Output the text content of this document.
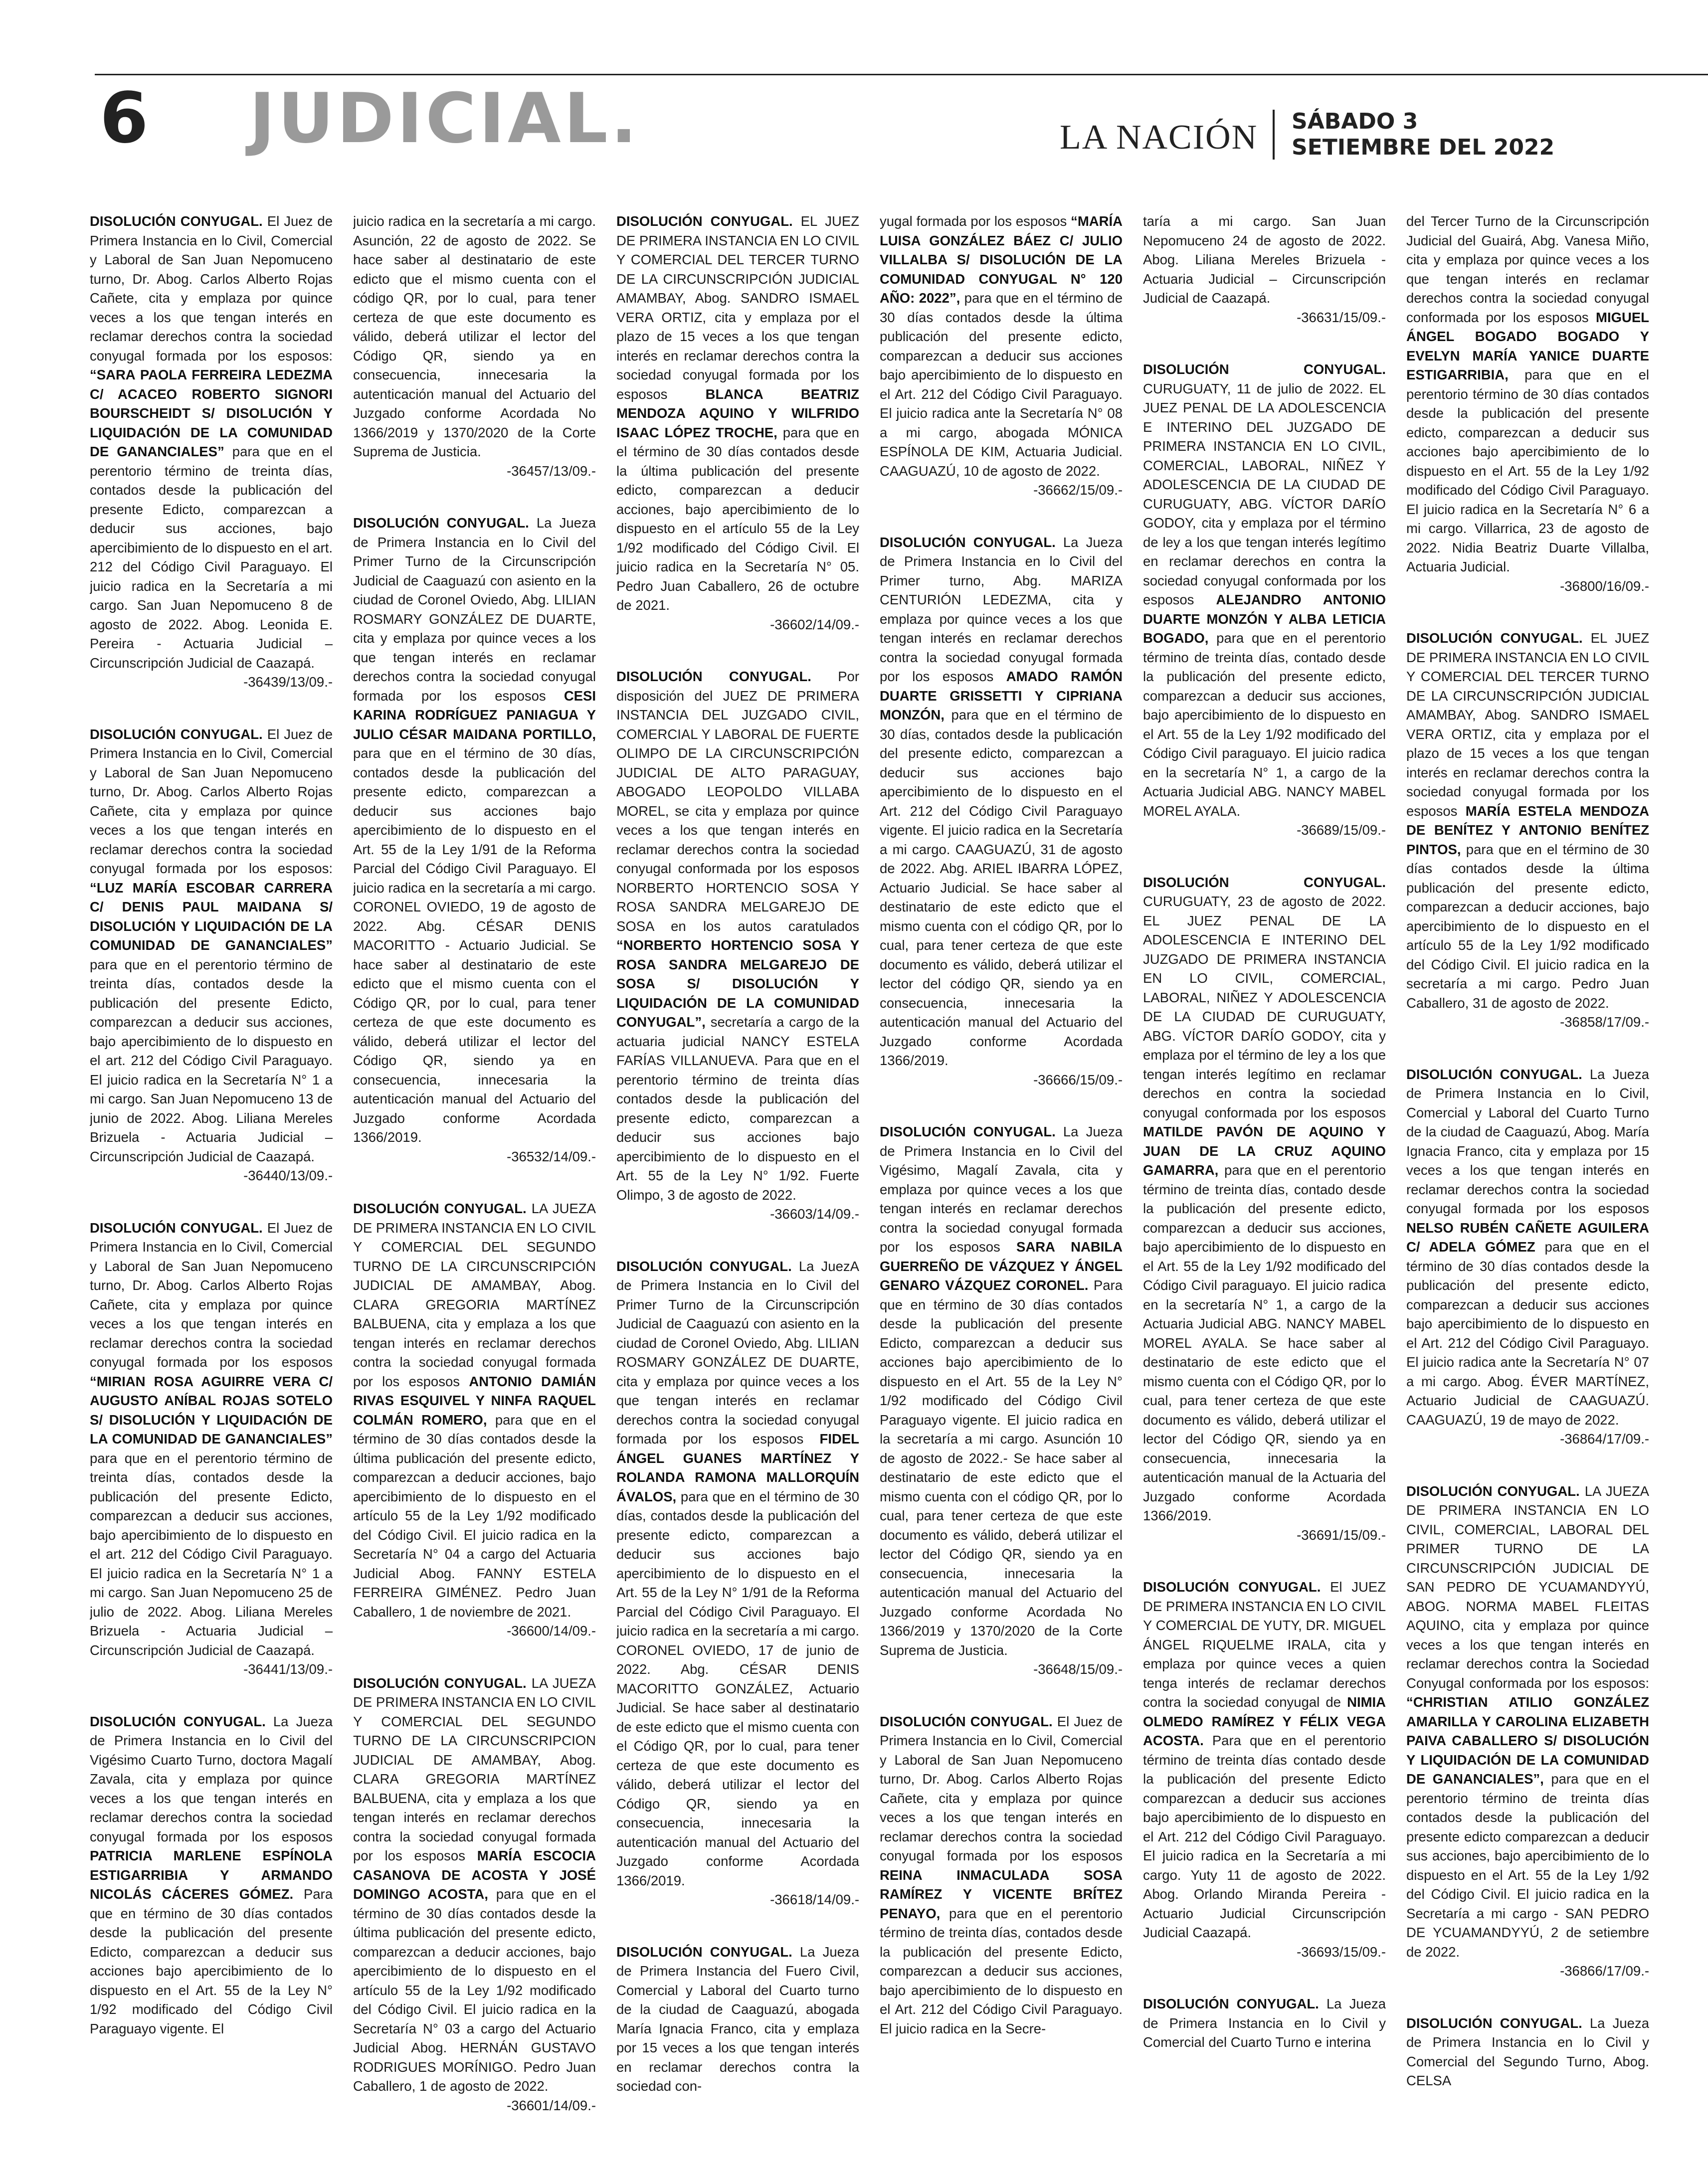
6 JUDICIAL.	LA NACIÓN SÁBADO 3
SETIEMBRE DEL 2022

DISOLUCIÓN CONYUGAL. El Juez de Primera Instancia en lo Civil, Comercial y Laboral de San Juan Nepomuceno turno, Dr. Abog. Carlos Alberto Rojas Cañete, cita y emplaza por quince veces a los que tengan interés en reclamar derechos contra la sociedad conyugal formada por los esposos: “SARA PAOLA FERREIRA LEDEZMA C/ ACACEO ROBERTO SIGNORI BOURSCHEIDT S/ DISOLUCIÓN Y LIQUIDACIÓN DE LA COMUNIDAD DE GANANCIALES” para que en el perentorio término de treinta días, contados desde la publicación del presente Edicto, comparezcan a deducir sus acciones, bajo apercibimiento de lo dispuesto en el art. 212 del Código Civil Paraguayo. El juicio radica en la Secretaría a mi cargo. San Juan Nepomuceno 8 de agosto de 2022. Abog. Leonida E. Pereira - Actuaria Judicial – Circunscripción Judicial de Caazapá.
-36439/13/09.-

DISOLUCIÓN CONYUGAL. El Juez de Primera Instancia en lo Civil, Comercial y Laboral de San Juan Nepomuceno turno, Dr. Abog. Carlos Alberto Rojas Cañete, cita y emplaza por quince veces a los que tengan interés en reclamar derechos contra la sociedad conyugal formada por los esposos: “LUZ MARÍA ESCOBAR CARRERA C/ DENIS PAUL MAIDANA S/ DISOLUCIÓN Y LIQUIDACIÓN DE LA COMUNIDAD DE GANANCIALES” para que en el perentorio término de treinta días, contados desde la publicación del presente Edicto, comparezcan a deducir sus acciones, bajo apercibimiento de lo dispuesto en el art. 212 del Código Civil Paraguayo. El juicio radica en la Secretaría N° 1 a mi cargo. San Juan Nepomuceno 13 de junio de 2022. Abog. Liliana Mereles Brizuela - Actuaria Judicial – Circunscripción Judicial de Caazapá.
-36440/13/09.-

DISOLUCIÓN CONYUGAL. El Juez de Primera Instancia en lo Civil, Comercial y Laboral de San Juan Nepomuceno turno, Dr. Abog. Carlos Alberto Rojas Cañete, cita y emplaza por quince veces a los que tengan interés en reclamar derechos contra la sociedad conyugal formada por los esposos “MIRIAN ROSA AGUIRRE VERA C/ AUGUSTO ANÍBAL ROJAS SOTELO S/ DISOLUCIÓN Y LIQUIDACIÓN DE LA COMUNIDAD DE GANANCIALES” para que en el perentorio término de treinta días, contados desde la publicación del presente Edicto, comparezcan a deducir sus acciones, bajo apercibimiento de lo dispuesto en el art. 212 del Código Civil Paraguayo. El juicio radica en la Secretaría N° 1 a mi cargo. San Juan Nepomuceno 25 de julio de 2022. Abog. Liliana Mereles Brizuela - Actuaria Judicial – Circunscripción Judicial de Caazapá.
-36441/13/09.-

DISOLUCIÓN CONYUGAL. La Jueza de Primera Instancia en lo Civil del Vigésimo Cuarto Turno, doctora Magalí Zavala, cita y emplaza por quince veces a los que tengan interés en reclamar derechos contra la sociedad conyugal formada por los esposos PATRICIA MARLENE ESPÍNOLA ESTIGARRIBIA Y ARMANDO NICOLÁS CÁCERES GÓMEZ. Para que en término de 30 días contados desde la publicación del presente Edicto, comparezcan a deducir sus acciones bajo apercibimiento de lo dispuesto en el Art. 55 de la Ley N° 1/92 modificado del Código Civil Paraguayo vigente. El

juicio radica en la secretaría a mi cargo. Asunción, 22 de agosto de 2022. Se hace saber al destinatario de este edicto que el mismo cuenta con el código QR, por lo cual, para tener certeza de que este documento es válido, deberá utilizar el lector del Código QR, siendo ya en consecuencia, innecesaria la autenticación manual del Actuario del Juzgado conforme Acordada No 1366/2019 y 1370/2020 de la Corte Suprema de Justicia.
-36457/13/09.-

DISOLUCIÓN CONYUGAL. La Jueza de Primera Instancia en lo Civil del Primer Turno de la Circunscripción Judicial de Caaguazú con asiento en la ciudad de Coronel Oviedo, Abg. LILIAN ROSMARY GONZÁLEZ DE DUARTE, cita y emplaza por quince veces a los que tengan interés en reclamar derechos contra la sociedad conyugal formada por los esposos CESI KARINA RODRÍGUEZ PANIAGUA Y JULIO CÉSAR MAIDANA PORTILLO, para que en el término de 30 días, contados desde la publicación del presente edicto, comparezcan a deducir sus acciones bajo apercibimiento de lo dispuesto en el Art. 55 de la Ley 1/91 de la Reforma Parcial del Código Civil Paraguayo. El juicio radica en la secretaría a mi cargo. CORONEL OVIEDO, 19 de agosto de 2022. Abg. CÉSAR DENIS MACORITTO - Actuario Judicial. Se hace saber al destinatario de este edicto que el mismo cuenta con el Código QR, por lo cual, para tener certeza de que este documento es válido, deberá utilizar el lector del Código QR, siendo ya en consecuencia, innecesaria la autenticación manual del Actuario del Juzgado conforme Acordada 1366/2019.
-36532/14/09.-

DISOLUCIÓN CONYUGAL. LA JUEZA DE PRIMERA INSTANCIA EN LO CIVIL Y COMERCIAL DEL SEGUNDO TURNO DE LA CIRCUNSCRIPCIÓN JUDICIAL DE AMAMBAY, Abog. CLARA GREGORIA MARTÍNEZ BALBUENA, cita y emplaza a los que tengan interés en reclamar derechos contra la sociedad conyugal formada por los esposos ANTONIO DAMIÁN RIVAS ESQUIVEL Y NINFA RAQUEL COLMÁN ROMERO, para que en el término de 30 días contados desde la última publicación del presente edicto, comparezcan a deducir acciones, bajo apercibimiento de lo dispuesto en el artículo 55 de la Ley 1/92 modificado del Código Civil. El juicio radica en la Secretaría N° 04 a cargo del Actuaria Judicial Abog. FANNY ESTELA FERREIRA GIMÉNEZ. Pedro Juan Caballero, 1 de noviembre de 2021.
-36600/14/09.-

DISOLUCIÓN CONYUGAL. LA JUEZA DE PRIMERA INSTANCIA EN LO CIVIL Y COMERCIAL DEL SEGUNDO TURNO DE LA CIRCUNSCRIPCION JUDICIAL DE AMAMBAY, Abog. CLARA GREGORIA MARTÍNEZ BALBUENA, cita y emplaza a los que tengan interés en reclamar derechos contra la sociedad conyugal formada por los esposos MARÍA ESCOCIA CASANOVA DE ACOSTA Y JOSÉ DOMINGO ACOSTA, para que en el término de 30 días contados desde la última publicación del presente edicto, comparezcan a deducir acciones, bajo apercibimiento de lo dispuesto en el artículo 55 de la Ley 1/92 modificado del Código Civil. El juicio radica en la Secretaría N° 03 a cargo del Actuario Judicial Abog. HERNÁN GUSTAVO RODRIGUES MORÍNIGO. Pedro Juan Caballero, 1 de agosto de 2022.
-36601/14/09.-

DISOLUCIÓN CONYUGAL. EL JUEZ DE PRIMERA INSTANCIA EN LO CIVIL Y COMERCIAL DEL TERCER TURNO DE LA CIRCUNSCRIPCIÓN JUDICIAL AMAMBAY, Abog. SANDRO ISMAEL VERA ORTIZ, cita y emplaza por el plazo de 15 veces a los que tengan interés en reclamar derechos contra la sociedad conyugal formada por los esposos BLANCA BEATRIZ MENDOZA AQUINO Y WILFRIDO ISAAC LÓPEZ TROCHE, para que en el término de 30 días contados desde la última publicación del presente edicto, comparezcan a deducir acciones, bajo apercibimiento de lo dispuesto en el artículo 55 de la Ley 1/92 modificado del Código Civil. El juicio radica en la Secretaría N° 05. Pedro Juan Caballero, 26 de octubre de 2021.
-36602/14/09.-

DISOLUCIÓN CONYUGAL. Por disposición del JUEZ DE PRIMERA INSTANCIA DEL JUZGADO CIVIL, COMERCIAL Y LABORAL DE FUERTE OLIMPO DE LA CIRCUNSCRIPCIÓN JUDICIAL DE ALTO PARAGUAY, ABOGADO LEOPOLDO VILLABA MOREL, se cita y emplaza por quince veces a los que tengan interés en reclamar derechos contra la sociedad conyugal conformada por los esposos NORBERTO HORTENCIO SOSA Y ROSA SANDRA MELGAREJO DE SOSA en los autos caratulados “NORBERTO HORTENCIO SOSA Y ROSA SANDRA MELGAREJO DE SOSA S/ DISOLUCIÓN Y LIQUIDACIÓN DE LA COMUNIDAD CONYUGAL”, secretaría a cargo de la actuaria judicial NANCY ESTELA FARÍAS VILLANUEVA. Para que en el perentorio término de treinta días contados desde la publicación del presente edicto, comparezcan a deducir sus acciones bajo apercibimiento de lo dispuesto en el Art. 55 de la Ley N° 1/92. Fuerte Olimpo, 3 de agosto de 2022.
-36603/14/09.-

DISOLUCIÓN CONYUGAL. La JuezA de Primera Instancia en lo Civil del Primer Turno de la Circunscripción Judicial de Caaguazú con asiento en la ciudad de Coronel Oviedo, Abg. LILIAN ROSMARY GONZÁLEZ DE DUARTE, cita y emplaza por quince veces a los que tengan interés en reclamar derechos contra la sociedad conyugal formada por los esposos FIDEL ÁNGEL GUANES MARTÍNEZ Y ROLANDA RAMONA MALLORQUÍN ÁVALOS, para que en el término de 30 días, contados desde la publicación del presente edicto, comparezcan a deducir sus acciones bajo apercibimiento de lo dispuesto en el Art. 55 de la Ley N° 1/91 de la Reforma Parcial del Código Civil Paraguayo. El juicio radica en la secretaría a mi cargo. CORONEL OVIEDO, 17 de junio de 2022. Abg. CÉSAR DENIS MACORITTO GONZÁLEZ, Actuario Judicial. Se hace saber al destinatario de este edicto que el mismo cuenta con el Código QR, por lo cual, para tener certeza de que este documento es válido, deberá utilizar el lector del Código QR, siendo ya en consecuencia, innecesaria la autenticación manual del Actuario del Juzgado conforme Acordada 1366/2019.
-36618/14/09.-

DISOLUCIÓN CONYUGAL. La Jueza de Primera Instancia del Fuero Civil, Comercial y Laboral del Cuarto turno de la ciudad de Caaguazú, abogada María Ignacia Franco, cita y emplaza por 15 veces a los que tengan interés en reclamar derechos contra la sociedad con-

yugal formada por los esposos “MARÍA LUISA GONZÁLEZ BÁEZ C/ JULIO VILLALBA S/ DISOLUCIÓN DE LA COMUNIDAD CONYUGAL N° 120 AÑO: 2022”, para que en el término de 30 días contados desde la última publicación del presente edicto, comparezcan a deducir sus acciones bajo apercibimiento de lo dispuesto en el Art. 212 del Código Civil Paraguayo. El juicio radica ante la Secretaría N° 08 a mi cargo, abogada MÓNICA ESPÍNOLA DE KIM, Actuaria Judicial. CAAGUAZÚ, 10 de agosto de 2022.
-36662/15/09.-

DISOLUCIÓN CONYUGAL. La Jueza de Primera Instancia en lo Civil del Primer turno, Abg. MARIZA CENTURIÓN LEDEZMA, cita y emplaza por quince veces a los que tengan interés en reclamar derechos contra la sociedad conyugal formada por los esposos AMADO RAMÓN DUARTE GRISSETTI Y CIPRIANA MONZÓN, para que en el término de 30 días, contados desde la publicación del presente edicto, comparezcan a deducir sus acciones bajo apercibimiento de lo dispuesto en el Art. 212 del Código Civil Paraguayo vigente. El juicio radica en la Secretaría a mi cargo. CAAGUAZÚ, 31 de agosto de 2022. Abg. ARIEL IBARRA LÓPEZ, Actuario Judicial. Se hace saber al destinatario de este edicto que el mismo cuenta con el código QR, por lo cual, para tener certeza de que este documento es válido, deberá utilizar el lector del código QR, siendo ya en consecuencia, innecesaria la autenticación manual del Actuario del Juzgado conforme Acordada 1366/2019.
-36666/15/09.-

DISOLUCIÓN CONYUGAL. La Jueza de Primera Instancia en lo Civil del Vigésimo, Magalí Zavala, cita y emplaza por quince veces a los que tengan interés en reclamar derechos contra la sociedad conyugal formada por los esposos SARA NABILA GUERREÑO DE VÁZQUEZ Y ÁNGEL GENARO VÁZQUEZ CORONEL. Para que en término de 30 días contados desde la publicación del presente Edicto, comparezcan a deducir sus acciones bajo apercibimiento de lo dispuesto en el Art. 55 de la Ley N° 1/92 modificado del Código Civil Paraguayo vigente. El juicio radica en la secretaría a mi cargo. Asunción 10 de agosto de 2022.- Se hace saber al destinatario de este edicto que el mismo cuenta con el código QR, por lo cual, para tener certeza de que este documento es válido, deberá utilizar el lector del Código QR, siendo ya en consecuencia, innecesaria la autenticación manual del Actuario del Juzgado conforme Acordada No 1366/2019 y 1370/2020 de la Corte Suprema de Justicia.
-36648/15/09.-

DISOLUCIÓN CONYUGAL. El Juez de Primera Instancia en lo Civil, Comercial y Laboral de San Juan Nepomuceno turno, Dr. Abog. Carlos Alberto Rojas Cañete, cita y emplaza por quince veces a los que tengan interés en reclamar derechos contra la sociedad conyugal formada por los esposos REINA INMACULADA SOSA RAMÍREZ Y VICENTE BRÍTEZ PENAYO, para que en el perentorio término de treinta días, contados desde la publicación del presente Edicto, comparezcan a deducir sus acciones, bajo apercibimiento de lo dispuesto en el Art. 212 del Código Civil Paraguayo. El juicio radica en la Secre-

taría a mi cargo. San Juan Nepomuceno 24 de agosto de 2022. Abog. Liliana Mereles Brizuela - Actuaria Judicial – Circunscripción Judicial de Caazapá.
-36631/15/09.-

DISOLUCIÓN CONYUGAL. CURUGUATY, 11 de julio de 2022. EL JUEZ PENAL DE LA ADOLESCENCIA E INTERINO DEL JUZGADO DE PRIMERA INSTANCIA EN LO CIVIL, COMERCIAL, LABORAL, NIÑEZ Y ADOLESCENCIA DE LA CIUDAD DE CURUGUATY, ABG. VÍCTOR DARÍO GODOY, cita y emplaza por el término de ley a los que tengan interés legítimo en reclamar derechos en contra la sociedad conyugal conformada por los esposos ALEJANDRO ANTONIO DUARTE MONZÓN Y ALBA LETICIA BOGADO, para que en el perentorio término de treinta días, contado desde la publicación del presente edicto, comparezcan a deducir sus acciones, bajo apercibimiento de lo dispuesto en el Art. 55 de la Ley 1/92 modificado del Código Civil paraguayo. El juicio radica en la secretaría N° 1, a cargo de la Actuaria Judicial ABG. NANCY MABEL MOREL AYALA.
-36689/15/09.-

DISOLUCIÓN CONYUGAL. CURUGUATY, 23 de agosto de 2022. EL JUEZ PENAL DE LA ADOLESCENCIA E INTERINO DEL JUZGADO DE PRIMERA INSTANCIA EN LO CIVIL, COMERCIAL, LABORAL, NIÑEZ Y ADOLESCENCIA DE LA CIUDAD DE CURUGUATY, ABG. VÍCTOR DARÍO GODOY, cita y emplaza por el término de ley a los que tengan interés legítimo en reclamar derechos en contra la sociedad conyugal conformada por los esposos MATILDE PAVÓN DE AQUINO Y JUAN DE LA CRUZ AQUINO GAMARRA, para que en el perentorio término de treinta días, contado desde la publicación del presente edicto, comparezcan a deducir sus acciones, bajo apercibimiento de lo dispuesto en el Art. 55 de la Ley 1/92 modificado del Código Civil paraguayo. El juicio radica en la secretaría N° 1, a cargo de la Actuaria Judicial ABG. NANCY MABEL MOREL AYALA. Se hace saber al destinatario de este edicto que el mismo cuenta con el Código QR, por lo cual, para tener certeza de que este documento es válido, deberá utilizar el lector del Código QR, siendo ya en consecuencia, innecesaria la autenticación manual de la Actuaria del Juzgado conforme Acordada 1366/2019.
-36691/15/09.-

DISOLUCIÓN CONYUGAL. El JUEZ DE PRIMERA INSTANCIA EN LO CIVIL Y COMERCIAL DE YUTY, DR. MIGUEL ÁNGEL RIQUELME IRALA, cita y emplaza por quince veces a quien tenga interés de reclamar derechos contra la sociedad conyugal de NIMIA OLMEDO RAMÍREZ Y FÉLIX VEGA ACOSTA. Para que en el perentorio término de treinta días contado desde la publicación del presente Edicto comparezcan a deducir sus acciones bajo apercibimiento de lo dispuesto en el Art. 212 del Código Civil Paraguayo. El juicio radica en la Secretaría a mi cargo. Yuty 11 de agosto de 2022. Abog. Orlando Miranda Pereira - Actuario Judicial Circunscripción Judicial Caazapá.
-36693/15/09.-

DISOLUCIÓN CONYUGAL. La Jueza de Primera Instancia en lo Civil y Comercial del Cuarto Turno e interina

del Tercer Turno de la Circunscripción Judicial del Guairá, Abg. Vanesa Miño, cita y emplaza por quince veces a los que tengan interés en reclamar derechos contra la sociedad conyugal conformada por los esposos MIGUEL ÁNGEL BOGADO BOGADO Y EVELYN MARÍA YANICE DUARTE ESTIGARRIBIA, para que en el perentorio término de 30 días contados desde la publicación del presente edicto, comparezcan a deducir sus acciones bajo apercibimiento de lo dispuesto en el Art. 55 de la Ley 1/92 modificado del Código Civil Paraguayo. El juicio radica en la Secretaría N° 6 a mi cargo. Villarrica, 23 de agosto de 2022. Nidia Beatriz Duarte Villalba, Actuaria Judicial.
-36800/16/09.-

DISOLUCIÓN CONYUGAL. EL JUEZ DE PRIMERA INSTANCIA EN LO CIVIL Y COMERCIAL DEL TERCER TURNO DE LA CIRCUNSCRIPCIÓN JUDICIAL AMAMBAY, Abog. SANDRO ISMAEL VERA ORTIZ, cita y emplaza por el plazo de 15 veces a los que tengan interés en reclamar derechos contra la sociedad conyugal formada por los esposos MARÍA ESTELA MENDOZA DE BENÍTEZ Y ANTONIO BENÍTEZ PINTOS, para que en el término de 30 días contados desde la última publicación del presente edicto, comparezcan a deducir acciones, bajo apercibimiento de lo dispuesto en el artículo 55 de la Ley 1/92 modificado del Código Civil. El juicio radica en la secretaría a mi cargo. Pedro Juan Caballero, 31 de agosto de 2022.
-36858/17/09.-

DISOLUCIÓN CONYUGAL. La Jueza de Primera Instancia en lo Civil, Comercial y Laboral del Cuarto Turno de la ciudad de Caaguazú, Abog. María Ignacia Franco, cita y emplaza por 15 veces a los que tengan interés en reclamar derechos contra la sociedad conyugal formada por los esposos NELSO RUBÉN CAÑETE AGUILERA C/ ADELA GÓMEZ para que en el término de 30 días contados desde la publicación del presente edicto, comparezcan a deducir sus acciones bajo apercibimiento de lo dispuesto en el Art. 212 del Código Civil Paraguayo. El juicio radica ante la Secretaría N° 07 a mi cargo. Abog. ÉVER MARTÍNEZ, Actuario Judicial de CAAGUAZÚ. CAAGUAZÚ, 19 de mayo de 2022.
-36864/17/09.-

DISOLUCIÓN CONYUGAL. LA JUEZA DE PRIMERA INSTANCIA EN LO CIVIL, COMERCIAL, LABORAL DEL PRIMER TURNO DE LA CIRCUNSCRIPCIÓN JUDICIAL DE SAN PEDRO DE YCUAMANDYYÚ, ABOG. NORMA MABEL FLEITAS AQUINO, cita y emplaza por quince veces a los que tengan interés en reclamar derechos contra la Sociedad Conyugal conformada por los esposos: “CHRISTIAN ATILIO GONZÁLEZ AMARILLA Y CAROLINA ELIZABETH PAIVA CABALLERO S/ DISOLUCIÓN Y LIQUIDACIÓN DE LA COMUNIDAD DE GANANCIALES”, para que en el perentorio término de treinta días contados desde la publicación del presente edicto comparezcan a deducir sus acciones, bajo apercibimiento de lo dispuesto en el Art. 55 de la Ley 1/92 del Código Civil. El juicio radica en la Secretaría a mi cargo - SAN PEDRO DE YCUAMANDYYÚ, 2 de setiembre de 2022.
-36866/17/09.-

DISOLUCIÓN CONYUGAL. La Jueza de Primera Instancia en lo Civil y Comercial del Segundo Turno, Abog. CELSA
